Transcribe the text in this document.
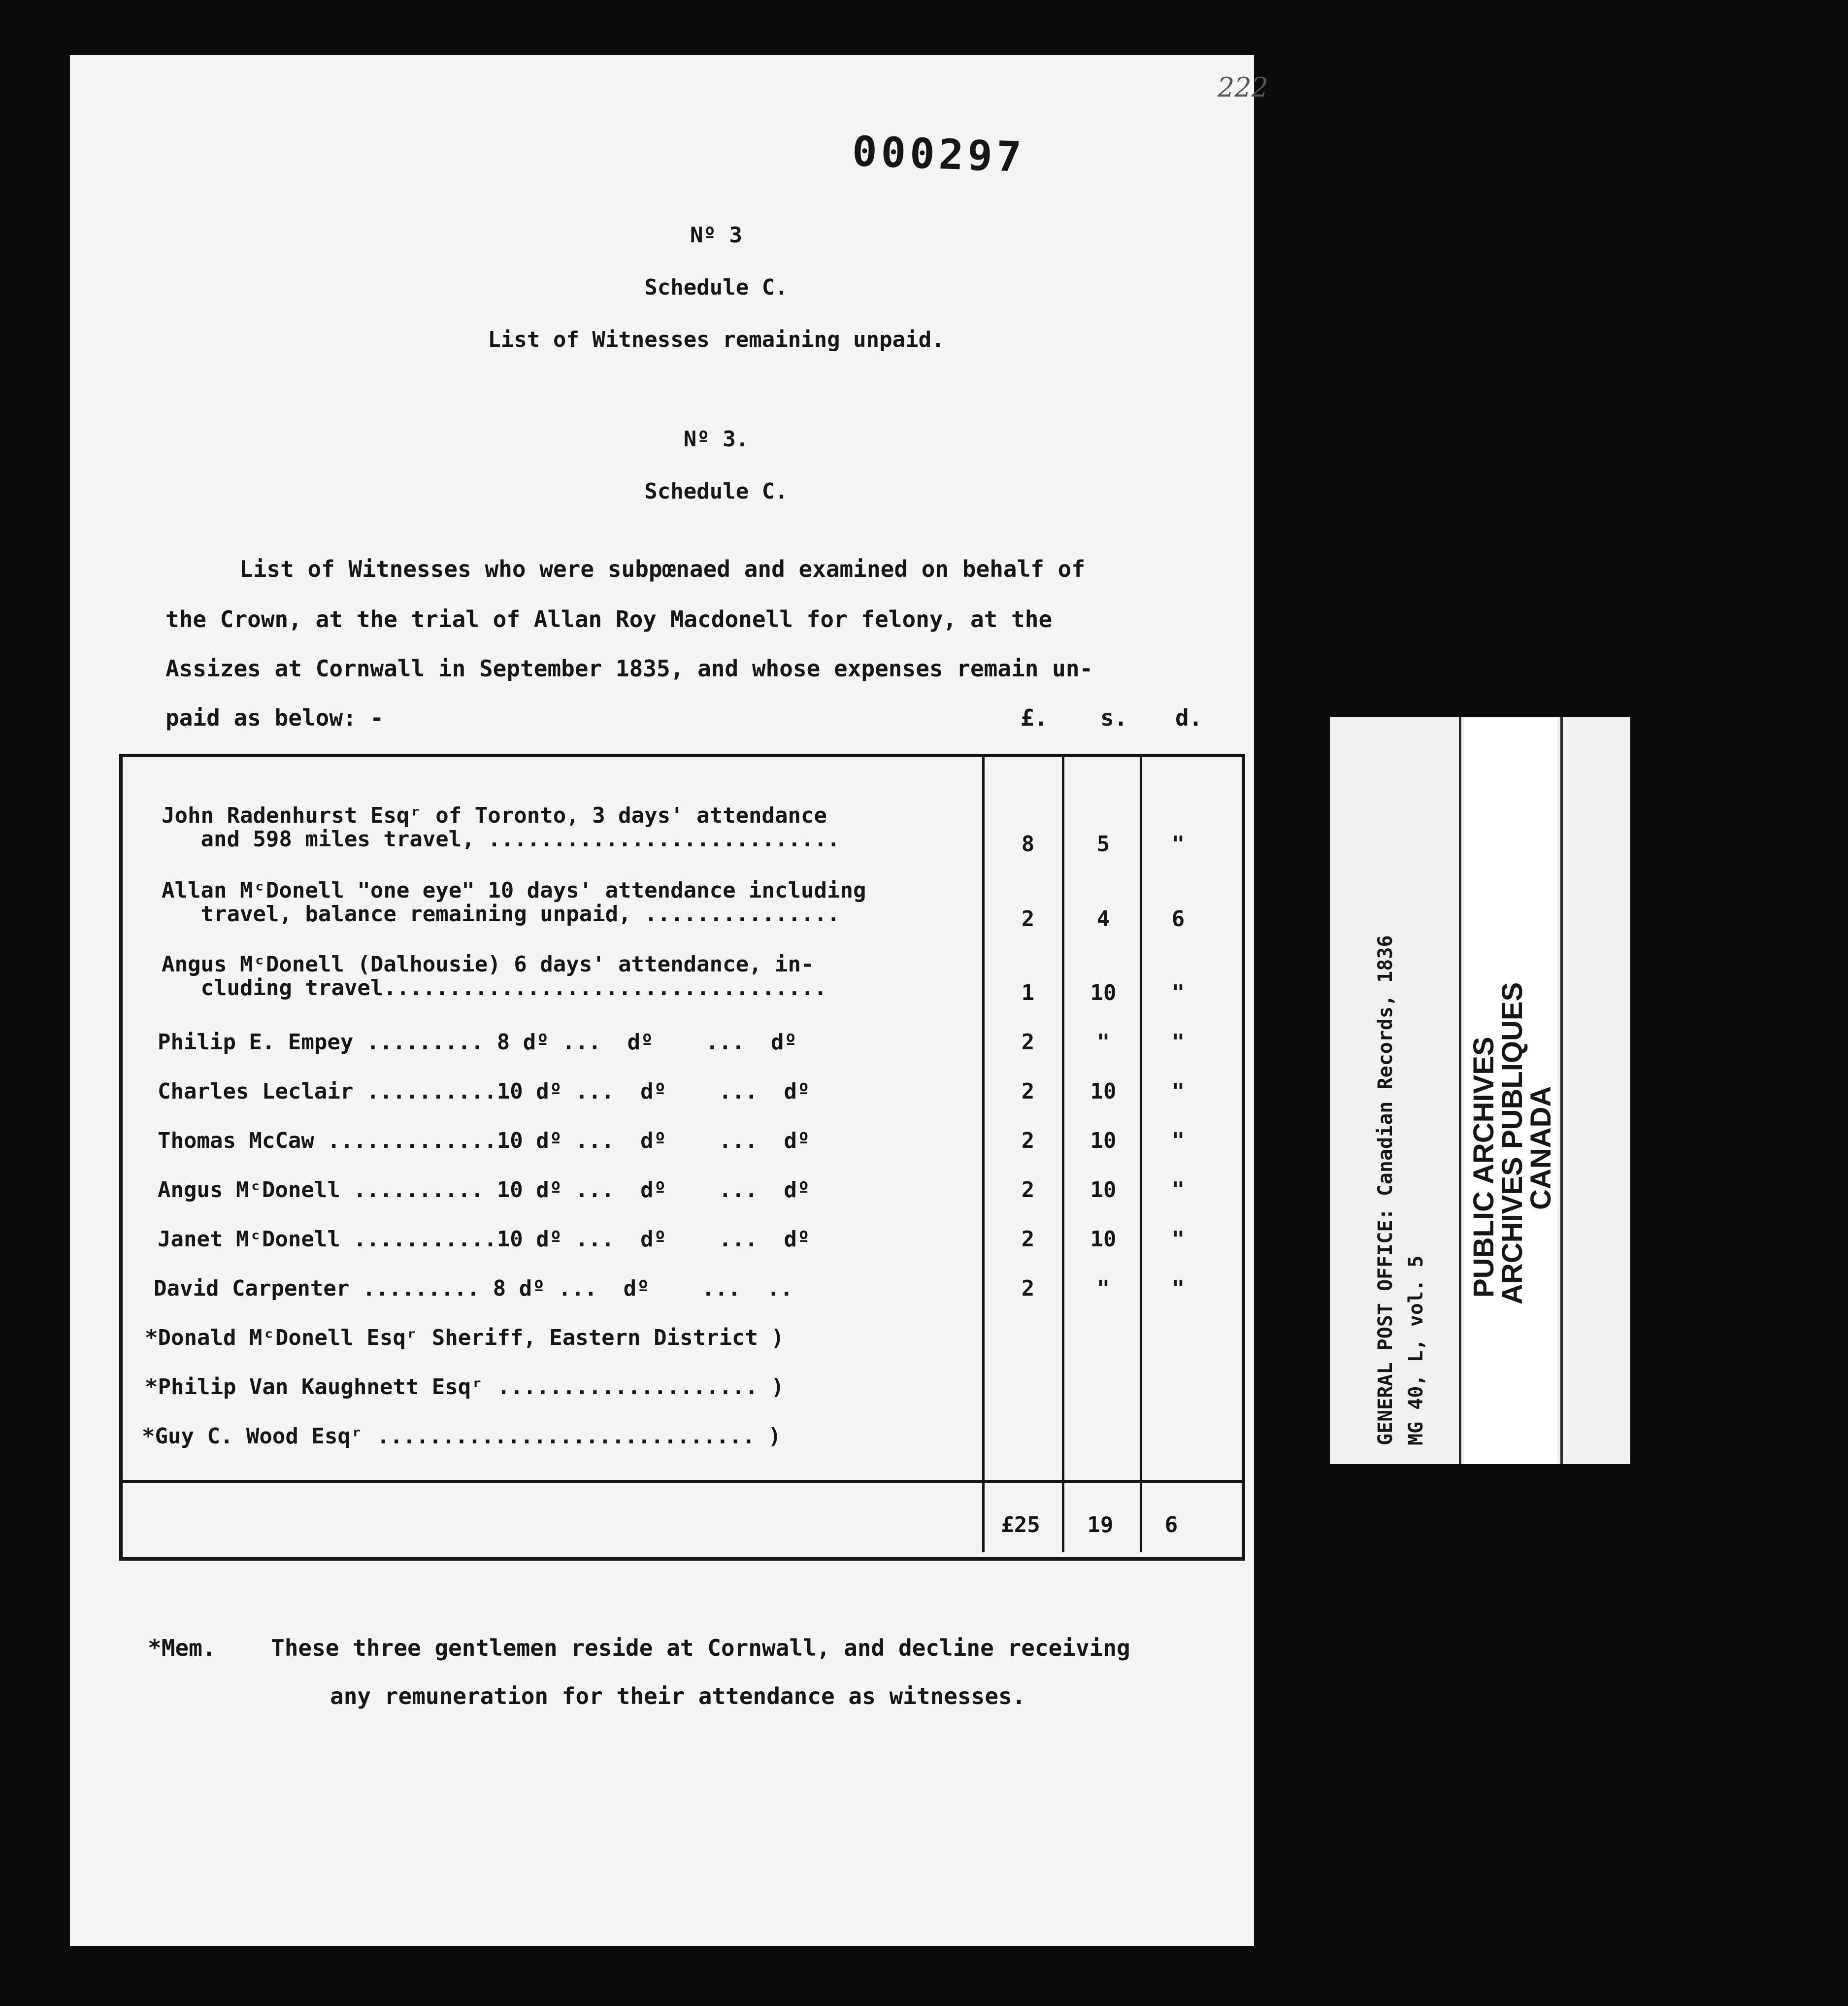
000297
222
Nº 3
Schedule C.
List of Witnesses remaining unpaid.
Nº 3.
Schedule C.
List of Witnesses who were subpœnaed and examined on behalf of
the Crown, at the trial of Allan Roy Macdonell for felony, at the
Assizes at Cornwall in September 1835, and whose expenses remain un-
paid as below: -	£. s. d.
John Radenhurst Esqʳ of Toronto, 3 days' attendance
and 598 miles travel, ...........................	8	5	"
Allan MᶜDonell "one eye" 10 days' attendance including
travel, balance remaining unpaid, ...............	2	4	6
Angus MᶜDonell (Dalhousie) 6 days' attendance, in-
cluding travel..................................	1	10	"
Philip E. Empey ......... 8 dº ...  dº    ...  dº	2	"	"
Charles Leclair ..........10 dº ...  dº    ...  dº	2	10	"
Thomas McCaw .............10 dº ...  dº    ...  dº	2	10	"
Angus MᶜDonell .......... 10 dº ...  dº    ...  dº	2	10	"
Janet MᶜDonell ...........10 dº ...  dº    ...  dº	2	10	"
David Carpenter ......... 8 dº ...  dº    ...  ..	2	"	"
*Donald MᶜDonell Esqʳ Sheriff, Eastern District )
*Philip Van Kaughnett Esqʳ .................... )
*Guy C. Wood Esqʳ ............................. )
£25 19 6
*Mem. These three gentlemen reside at Cornwall, and decline receiving
any remuneration for their attendance as witnesses.
GENERAL POST OFFICE: Canadian Records, 1836 MG 40, L, vol. 5
PUBLIC ARCHIVES
ARCHIVES PUBLIQUES
CANADA
